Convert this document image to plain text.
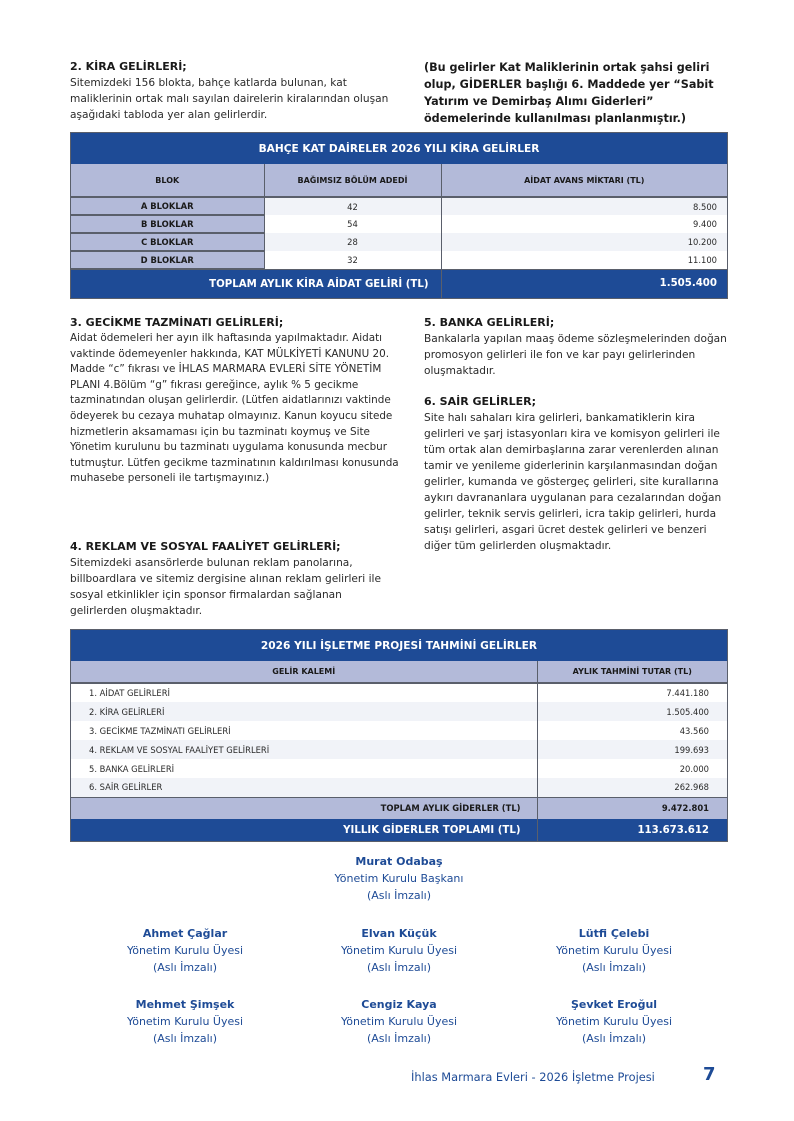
2. KİRA GELİRLERİ;
Sitemizdeki 156 blokta, bahçe katlarda bulunan, kat maliklerinin ortak malı sayılan dairelerin kiralarından oluşan aşağıdaki tabloda yer alan gelirlerdir.
(Bu gelirler Kat Maliklerinin ortak şahsi geliri olup, GİDERLER başlığı 6. Maddede yer “Sabit Yatırım ve Demirbaş Alımı Giderleri” ödemelerinde kullanılması planlanmıştır.)
BAHÇE KAT DAİRELER 2026 YILI KİRA GELİRLER		
BLOK	BAĞIMSIZ BÖLÜM ADEDİ	AİDAT AVANS MİKTARI (TL)
A BLOKLAR	42	8.500
B BLOKLAR	54	9.400
C BLOKLAR	28	10.200
D BLOKLAR	32	11.100
TOPLAM AYLIK KİRA AİDAT GELİRİ (TL)		1.505.400
3. GECİKME TAZMİNATI GELİRLERİ;
Aidat ödemeleri her ayın ilk haftasında yapılmaktadır. Aidatı vaktinde ödemeyenler hakkında, KAT MÜLKİYETİ KANUNU 20. Madde “c” fıkrası ve İHLAS MARMARA EVLERİ SİTE YÖNETİM PLANI 4.Bölüm “g” fıkrası gereğince, aylık % 5 gecikme tazminatından oluşan gelirlerdir. (Lütfen aidatlarınızı vaktinde ödeyerek bu cezaya muhatap olmayınız. Kanun koyucu sitede hizmetlerin aksamaması için bu tazminatı koymuş ve Site Yönetim kurulunu bu tazminatı uygulama konusunda mecbur tutmuştur. Lütfen gecikme tazminatının kaldırılması konusunda muhasebe personeli ile tartışmayınız.)
4. REKLAM VE SOSYAL FAALİYET GELİRLERİ;
Sitemizdeki asansörlerde bulunan reklam panolarına, billboardlara ve sitemiz dergisine alınan reklam gelirleri ile sosyal etkinlikler için sponsor firmalardan sağlanan gelirlerden oluşmaktadır.
5. BANKA GELİRLERİ;
Bankalarla yapılan maaş ödeme sözleşmelerinden doğan promosyon gelirleri ile fon ve kar payı gelirlerinden oluşmaktadır.
6. SAİR GELİRLER;
Site halı sahaları kira gelirleri, bankamatiklerin kira gelirleri ve şarj istasyonları kira ve komisyon gelirleri ile tüm ortak alan demirbaşlarına zarar verenlerden alınan tamir ve yenileme giderlerinin karşılanmasından doğan gelirler, kumanda ve göstergeç gelirleri, site kurallarına aykırı davrananlara uygulanan para cezalarından doğan gelirler, teknik servis gelirleri, icra takip gelirleri, hurda satışı gelirleri, asgari ücret destek gelirleri ve benzeri diğer tüm gelirlerden oluşmaktadır.
2026 YILI İŞLETME PROJESİ TAHMİNİ GELİRLER	
GELİR KALEMİ	AYLIK TAHMİNİ TUTAR (TL)
1. AİDAT GELİRLERİ	7.441.180
2. KİRA GELİRLERİ	1.505.400
3. GECİKME TAZMİNATI GELİRLERİ	43.560
4. REKLAM VE SOSYAL FAALİYET GELİRLERİ	199.693
5. BANKA GELİRLERİ	20.000
6. SAİR GELİRLER	262.968
TOPLAM AYLIK GİDERLER (TL)	9.472.801
YILLIK GİDERLER TOPLAMI (TL)	113.673.612
Murat Odabaş
Yönetim Kurulu Başkanı
(Aslı İmzalı)
Ahmet Çağlar
Yönetim Kurulu Üyesi
(Aslı İmzalı)
Elvan Küçük
Yönetim Kurulu Üyesi
(Aslı İmzalı)
Lütfi Çelebi
Yönetim Kurulu Üyesi
(Aslı İmzalı)
Mehmet Şimşek
Yönetim Kurulu Üyesi
(Aslı İmzalı)
Cengiz Kaya
Yönetim Kurulu Üyesi
(Aslı İmzalı)
Şevket Eroğul
Yönetim Kurulu Üyesi
(Aslı İmzalı)
İhlas Marmara Evleri - 2026 İşletme Projesi	7
